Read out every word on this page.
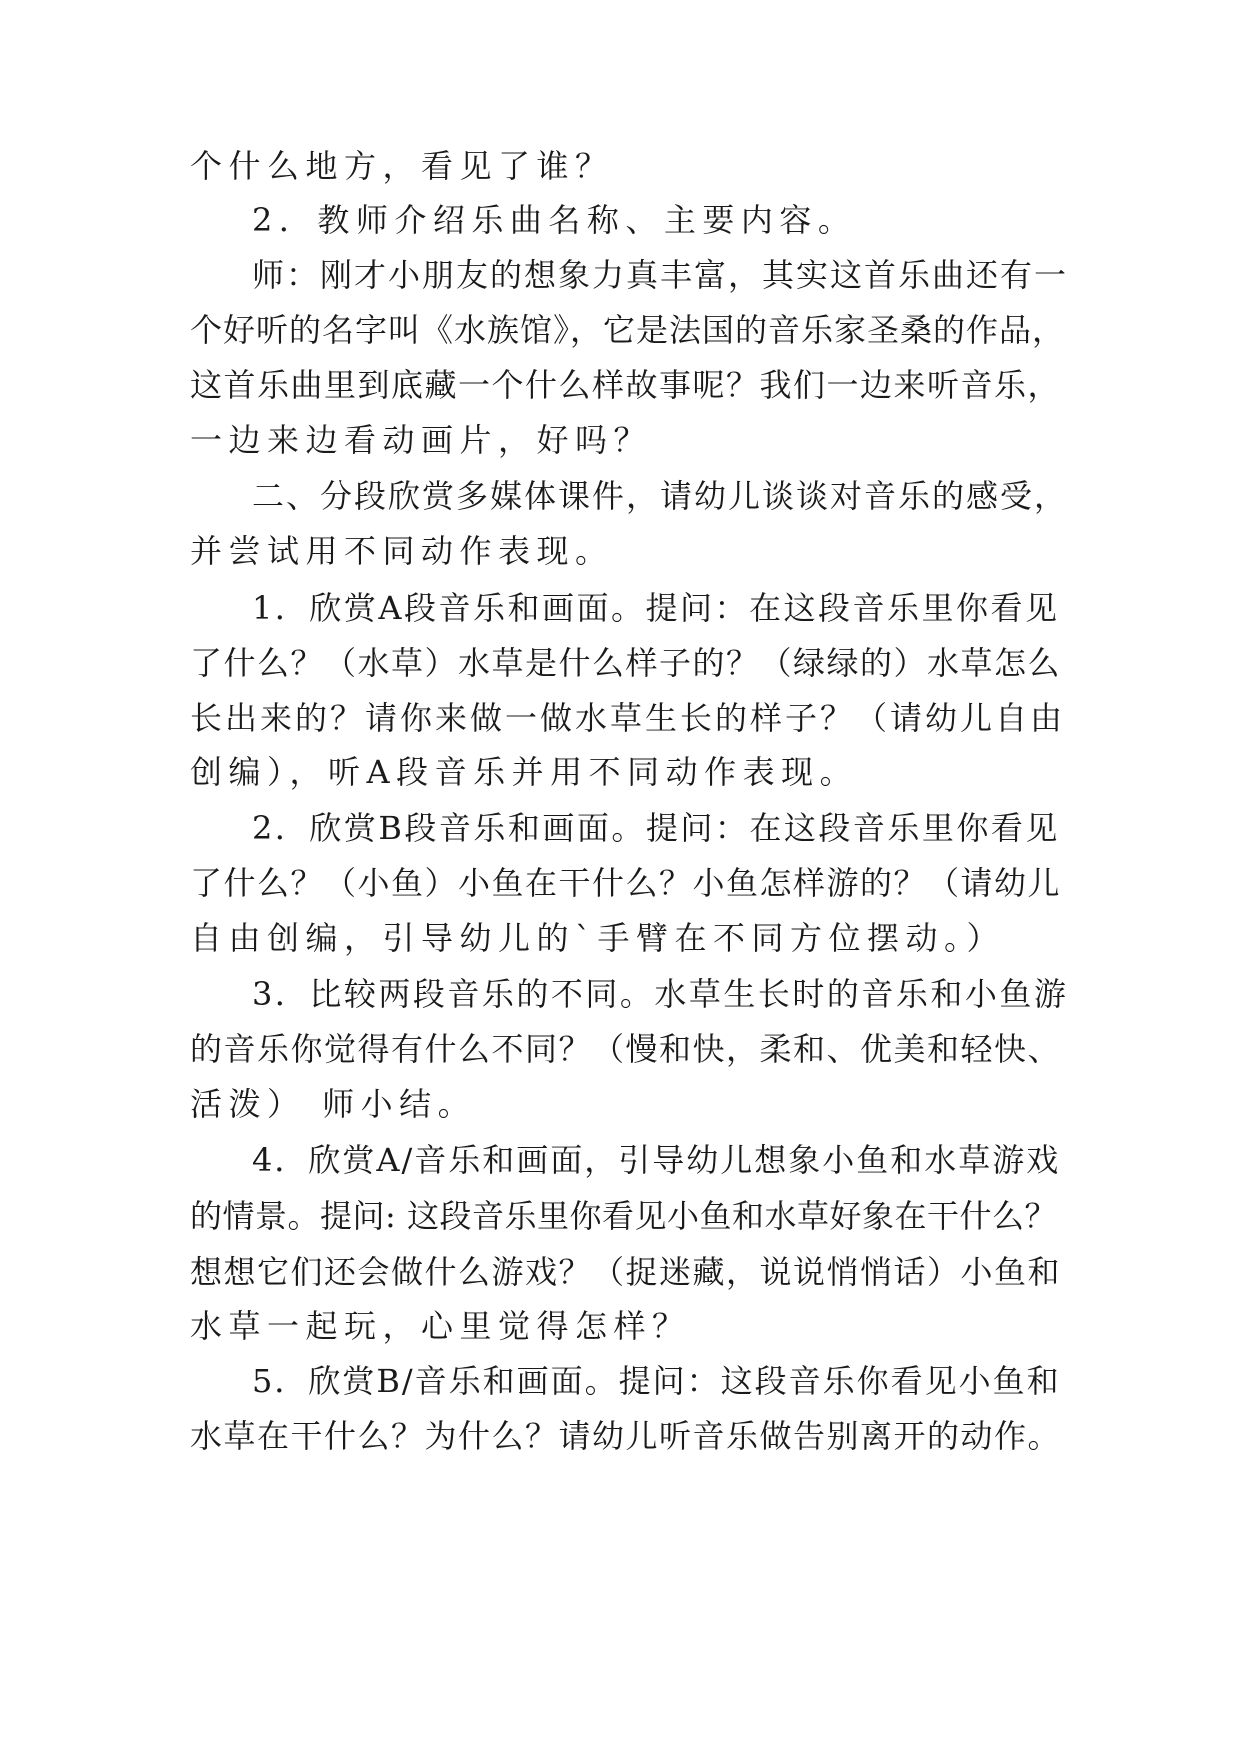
个什么地方，看见了谁？
2．教师介绍乐曲名称、主要内容。
师：刚才小朋友的想象力真丰富，其实这首乐曲还有一
个好听的名字叫《水族馆》，它是法国的音乐家圣桑的作品，
这首乐曲里到底藏一个什么样故事呢？我们一边来听音乐，
一边来边看动画片，好吗？
二、分段欣赏多媒体课件，请幼儿谈谈对音乐的感受，
并尝试用不同动作表现。
1．欣赏A段音乐和画面。提问：在这段音乐里你看见
了什么？（水草）水草是什么样子的？（绿绿的）水草怎么
长出来的？请你来做一做水草生长的样子？（请幼儿自由
创编），听A段音乐并用不同动作表现。
2．欣赏B段音乐和画面。提问：在这段音乐里你看见
了什么？（小鱼）小鱼在干什么？小鱼怎样游的？（请幼儿
自由创编，引导幼儿的`手臂在不同方位摆动。）
3．比较两段音乐的不同。水草生长时的音乐和小鱼游
的音乐你觉得有什么不同？（慢和快，柔和、优美和轻快、
活泼） 师小结。
4．欣赏A/音乐和画面，引导幼儿想象小鱼和水草游戏
的情景。提问: 这段音乐里你看见小鱼和水草好象在干什么？
想想它们还会做什么游戏？（捉迷藏，说说悄悄话）小鱼和
水草一起玩，心里觉得怎样？
5．欣赏B/音乐和画面。提问：这段音乐你看见小鱼和
水草在干什么？为什么？请幼儿听音乐做告别离开的动作。
